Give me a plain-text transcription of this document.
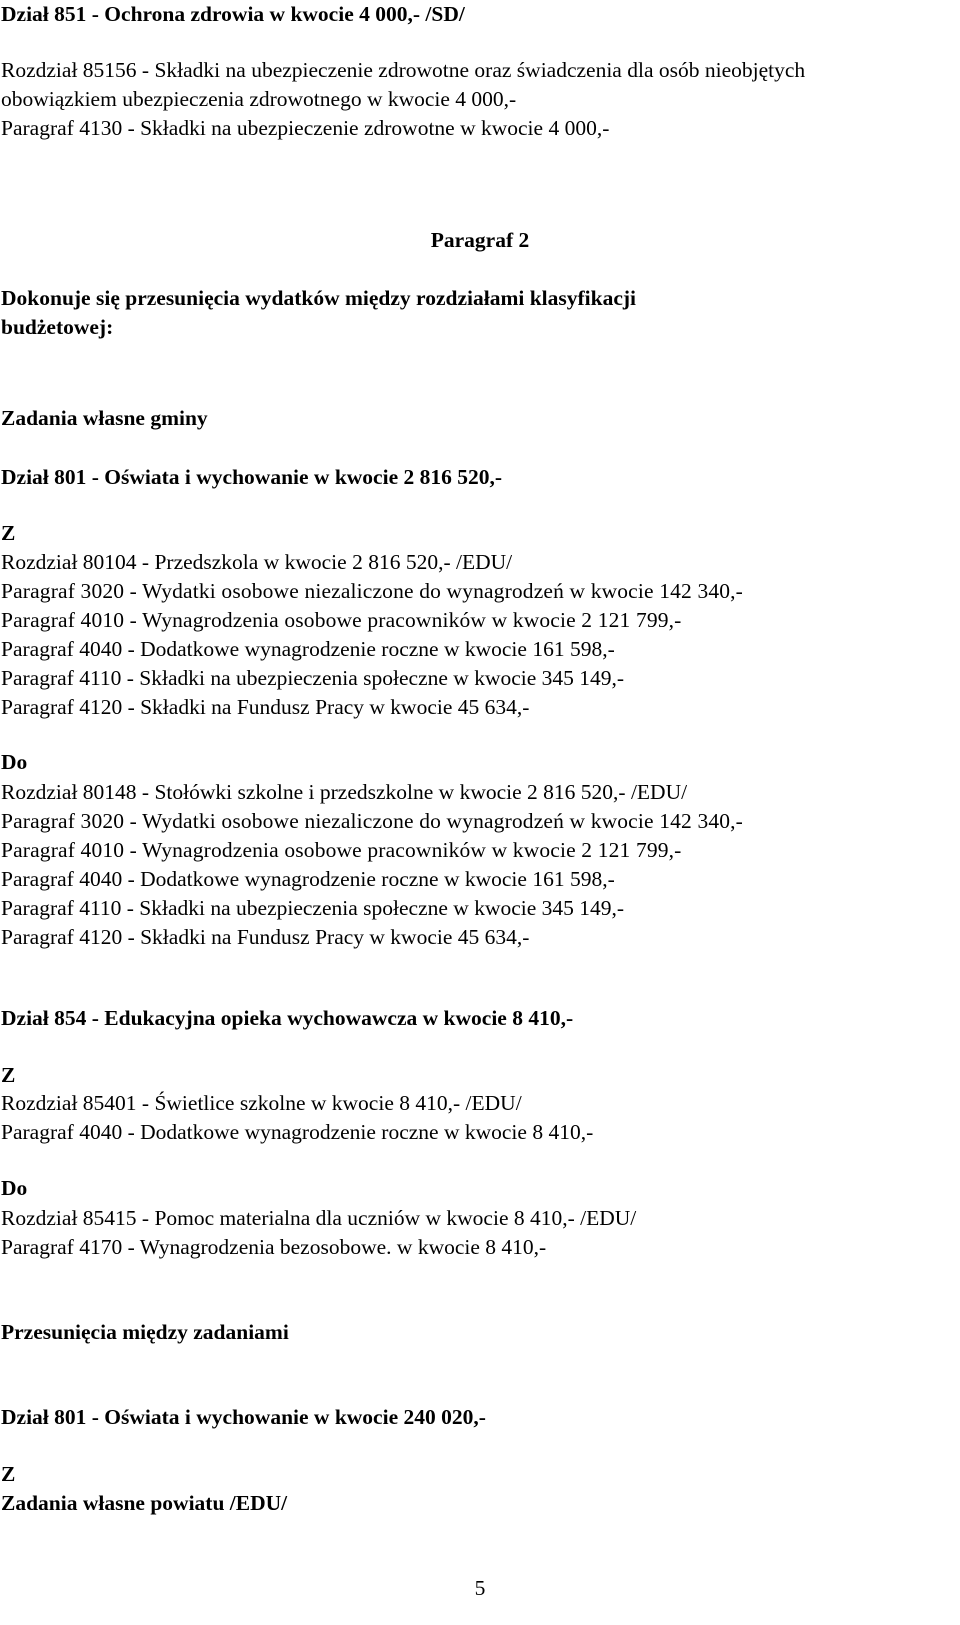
Dział 851 - Ochrona zdrowia w kwocie 4 000,- /SD/
Rozdział 85156 - Składki na ubezpieczenie zdrowotne oraz świadczenia dla osób nieobjętych
obowiązkiem ubezpieczenia zdrowotnego w kwocie 4 000,-
Paragraf 4130 - Składki na ubezpieczenie zdrowotne w kwocie 4 000,-
Paragraf 2
Dokonuje się przesunięcia wydatków między rozdziałami klasyfikacji
budżetowej:
Zadania własne gminy
Dział 801 - Oświata i wychowanie w kwocie 2 816 520,-
Z
Rozdział 80104 - Przedszkola w kwocie 2 816 520,- /EDU/
Paragraf 3020 - Wydatki osobowe niezaliczone do wynagrodzeń w kwocie 142 340,-
Paragraf 4010 - Wynagrodzenia osobowe pracowników w kwocie 2 121 799,-
Paragraf 4040 - Dodatkowe wynagrodzenie roczne w kwocie 161 598,-
Paragraf 4110 - Składki na ubezpieczenia społeczne w kwocie 345 149,-
Paragraf 4120 - Składki na Fundusz Pracy w kwocie 45 634,-
Do
Rozdział 80148 - Stołówki szkolne i przedszkolne w kwocie 2 816 520,- /EDU/
Paragraf 3020 - Wydatki osobowe niezaliczone do wynagrodzeń w kwocie 142 340,-
Paragraf 4010 - Wynagrodzenia osobowe pracowników w kwocie 2 121 799,-
Paragraf 4040 - Dodatkowe wynagrodzenie roczne w kwocie 161 598,-
Paragraf 4110 - Składki na ubezpieczenia społeczne w kwocie 345 149,-
Paragraf 4120 - Składki na Fundusz Pracy w kwocie 45 634,-
Dział 854 - Edukacyjna opieka wychowawcza w kwocie 8 410,-
Z
Rozdział 85401 - Świetlice szkolne w kwocie 8 410,- /EDU/
Paragraf 4040 - Dodatkowe wynagrodzenie roczne w kwocie 8 410,-
Do
Rozdział 85415 - Pomoc materialna dla uczniów w kwocie 8 410,- /EDU/
Paragraf 4170 - Wynagrodzenia bezosobowe. w kwocie 8 410,-
Przesunięcia między zadaniami
Dział 801 - Oświata i wychowanie w kwocie 240 020,-
Z
Zadania własne powiatu /EDU/
5
